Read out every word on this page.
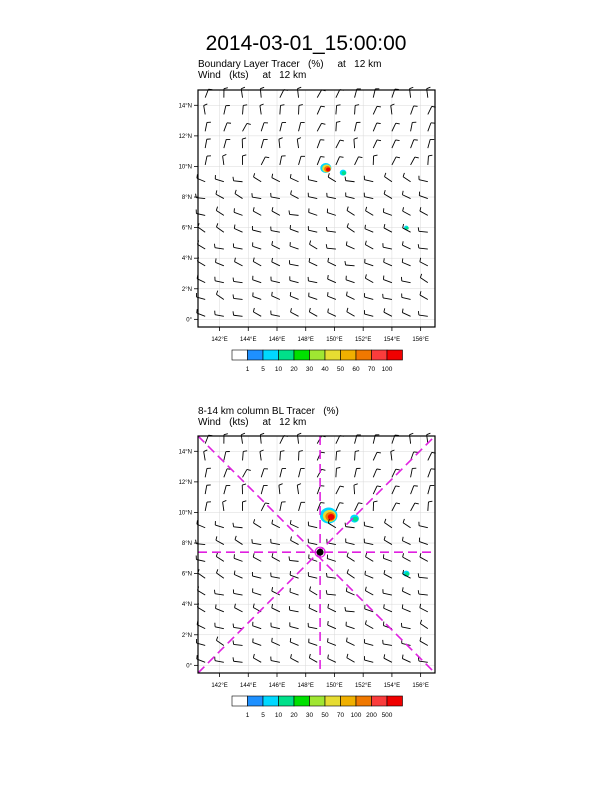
2014-03-01_15:00:00
Boundary Layer Tracer   (%)     at   12 km
Wind   (kts)     at   12 km
8-14 km column BL Tracer   (%)
Wind   (kts)     at   12 km
142°E 144°E 146°E 148°E 150°E 152°E 154°E 156°E
0°
2°N
4°N
6°N
8°N
10°N
12°N
14°N
1 5 10 20 30 40 50 60 70 100
142°E 144°E 146°E 148°E 150°E 152°E 154°E 156°E
0°
2°N
4°N
6°N
8°N
10°N
12°N
14°N
1 5 10 20 30 50 70 100 200 500
